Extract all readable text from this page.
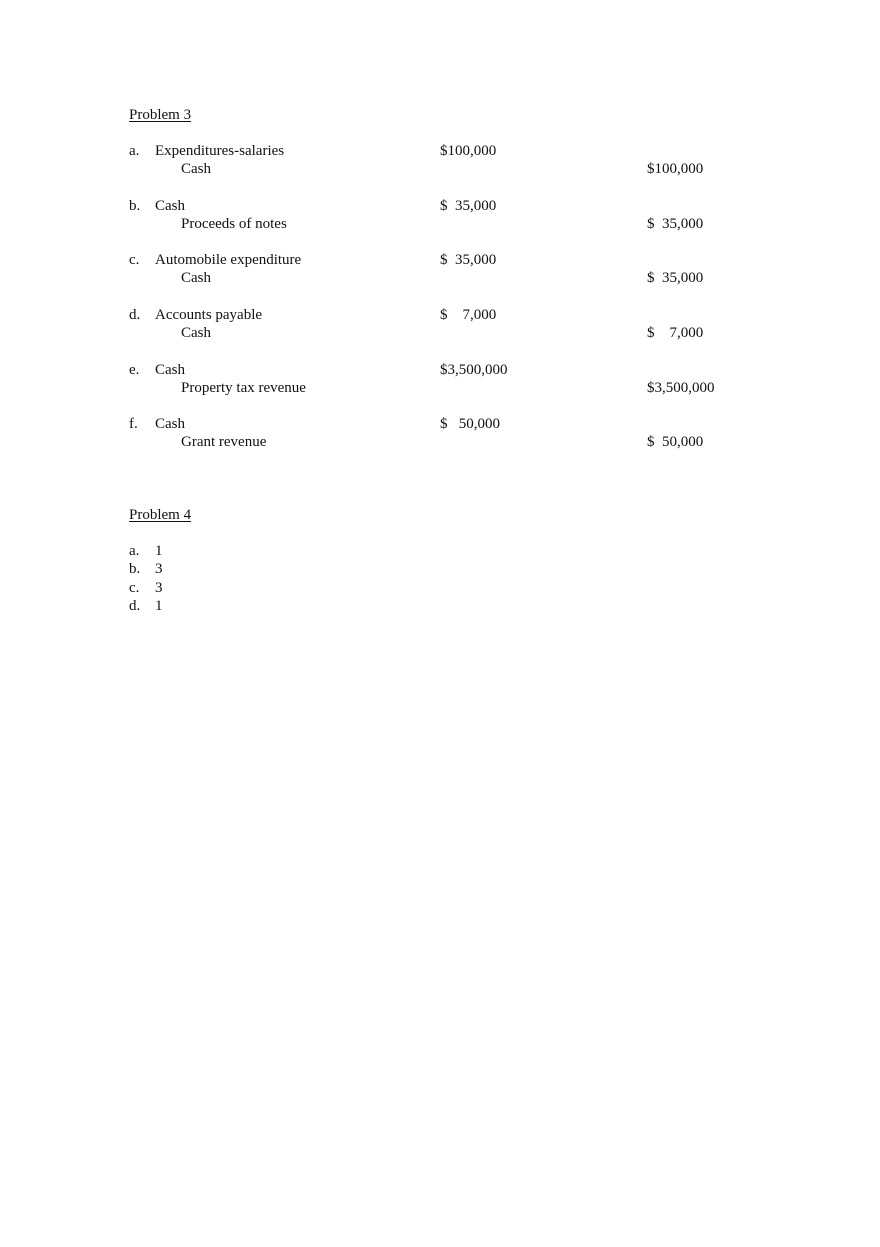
Problem 3
a. Expenditures-salaries	$100,000
Cash	$100,000
b. Cash	$  35,000
Proceeds of notes	$  35,000
c. Automobile expenditure	$  35,000
Cash	$  35,000
d. Accounts payable	$    7,000
Cash	$    7,000
e. Cash	$3,500,000
Property tax revenue	$3,500,000
f. Cash	$   50,000
Grant revenue	$  50,000
Problem 4
a. 1
b. 3
c. 3
d. 1
